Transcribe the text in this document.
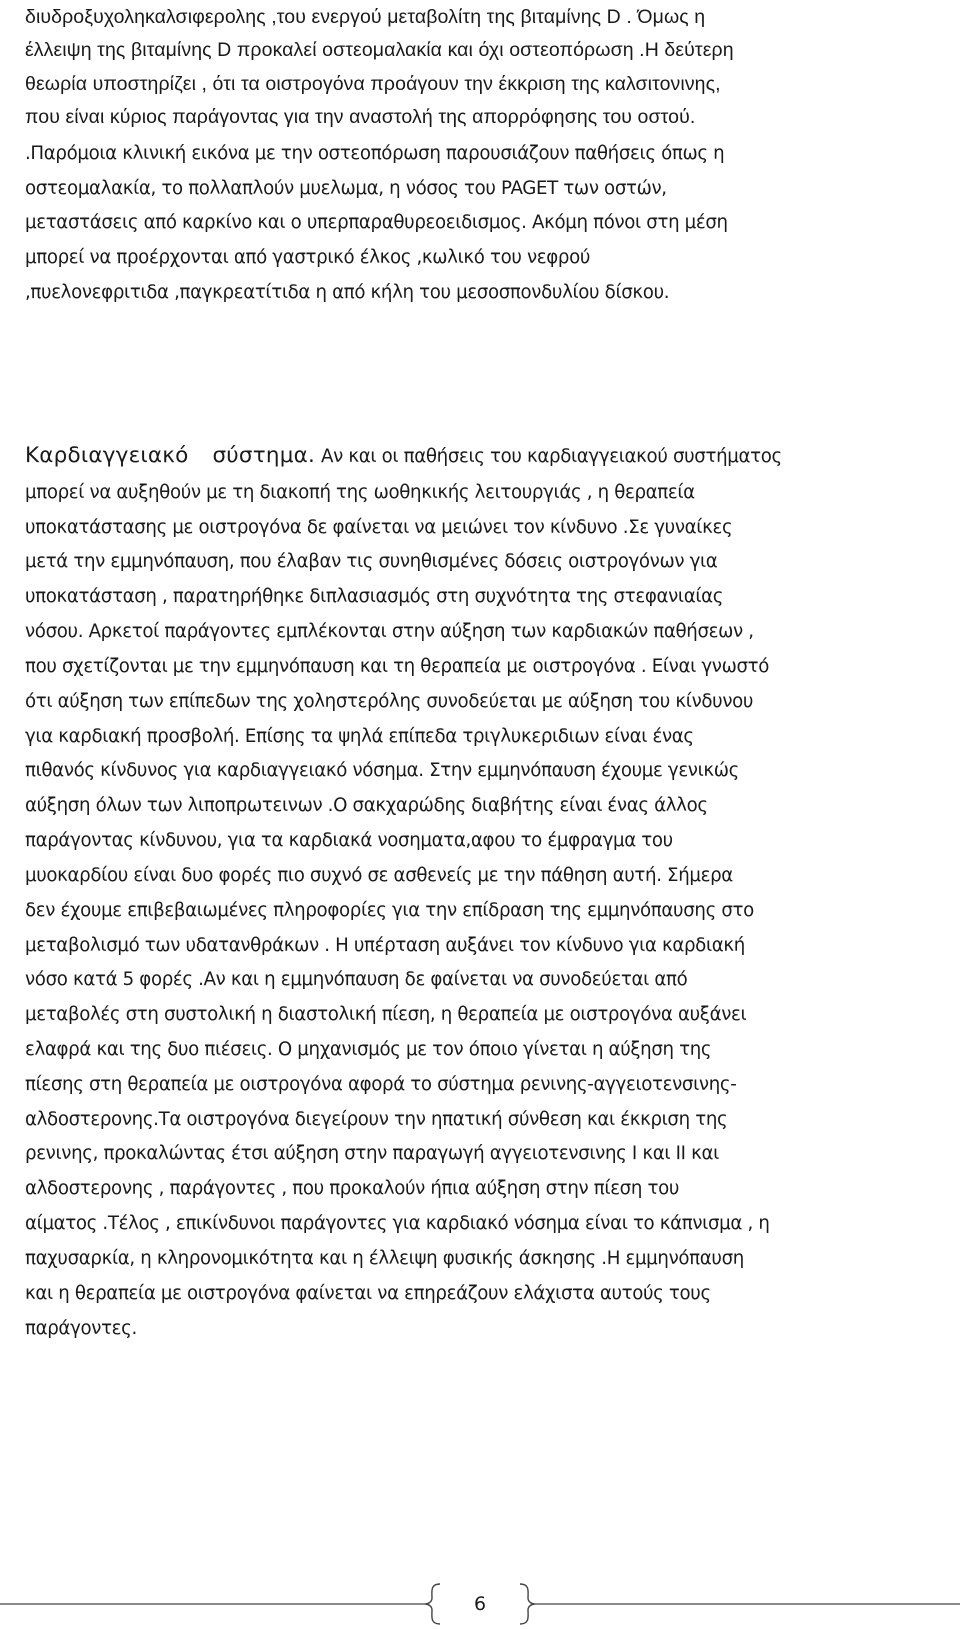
διυδροξυχοληκαλσιφερολης ,του ενεργού μεταβολίτη της βιταμίνης D . Όμως η
έλλειψη της βιταμίνης D προκαλεί οστεομαλακία και όχι οστεοπόρωση .Η δεύτερη
θεωρία υποστηρίζει , ότι τα οιστρογόνα προάγουν την έκκριση της καλσιτονινης,
που είναι κύριος παράγοντας για την αναστολή της απορρόφησης του οστού.
.Παρόμοια κλινική εικόνα με την οστεοπόρωση παρουσιάζουν παθήσεις όπως η
οστεομαλακία, το πολλαπλούν μυελωμα, η νόσος του PAGET των οστών,
μεταστάσεις από καρκίνο και ο υπερπαραθυρεοειδισμος. Ακόμη πόνοι στη μέση
μπορεί να προέρχονται από γαστρικό έλκος ,κωλικό του νεφρού
,πυελονεφριτιδα ,παγκρεατίτιδα η από κήλη του μεσοσπονδυλίου δίσκου.
Καρδιαγγειακό σύστημα. Αν και οι παθήσεις του καρδιαγγειακού συστήματος
μπορεί να αυξηθούν με τη διακοπή της ωοθηκικής λειτουργιάς , η θεραπεία
υποκατάστασης με οιστρογόνα δε φαίνεται να μειώνει τον κίνδυνο .Σε γυναίκες
μετά την εμμηνόπαυση, που έλαβαν τις συνηθισμένες δόσεις οιστρογόνων για
υποκατάσταση , παρατηρήθηκε διπλασιασμός στη συχνότητα της στεφανιαίας
νόσου. Αρκετοί παράγοντες εμπλέκονται στην αύξηση των καρδιακών παθήσεων ,
που σχετίζονται με την εμμηνόπαυση και τη θεραπεία με οιστρογόνα . Είναι γνωστό
ότι αύξηση των επίπεδων της χοληστερόλης συνοδεύεται με αύξηση του κίνδυνου
για καρδιακή προσβολή. Επίσης τα ψηλά επίπεδα τριγλυκεριδιων είναι ένας
πιθανός κίνδυνος για καρδιαγγειακό νόσημα. Στην εμμηνόπαυση έχουμε γενικώς
αύξηση όλων των λιποπρωτεινων .Ο σακχαρώδης διαβήτης είναι ένας άλλος
παράγοντας κίνδυνου, για τα καρδιακά νοσηματα,αφου το έμφραγμα του
μυοκαρδίου είναι δυο φορές πιο συχνό σε ασθενείς με την πάθηση αυτή. Σήμερα
δεν έχουμε επιβεβαιωμένες πληροφορίες για την επίδραση της εμμηνόπαυσης στο
μεταβολισμό των υδατανθράκων . Η υπέρταση αυξάνει τον κίνδυνο για καρδιακή
νόσο κατά 5 φορές .Αν και η εμμηνόπαυση δε φαίνεται να συνοδεύεται από
μεταβολές στη συστολική η διαστολική πίεση, η θεραπεία με οιστρογόνα αυξάνει
ελαφρά και της δυο πιέσεις. Ο μηχανισμός με τον όποιο γίνεται η αύξηση της
πίεσης στη θεραπεία με οιστρογόνα αφορά το σύστημα ρενινης-αγγειοτενσινης-
αλδοστερονης.Τα οιστρογόνα διεγείρουν την ηπατική σύνθεση και έκκριση της
ρενινης, προκαλώντας έτσι αύξηση στην παραγωγή αγγειοτενσινης Ι και ΙΙ και
αλδοστερονης , παράγοντες , που προκαλούν ήπια αύξηση στην πίεση του
αίματος .Τέλος , επικίνδυνοι παράγοντες για καρδιακό νόσημα είναι το κάπνισμα , η
παχυσαρκία, η κληρονομικότητα και η έλλειψη φυσικής άσκησης .Η εμμηνόπαυση
και η θεραπεία με οιστρογόνα φαίνεται να επηρεάζουν ελάχιστα αυτούς τους
παράγοντες.
6
